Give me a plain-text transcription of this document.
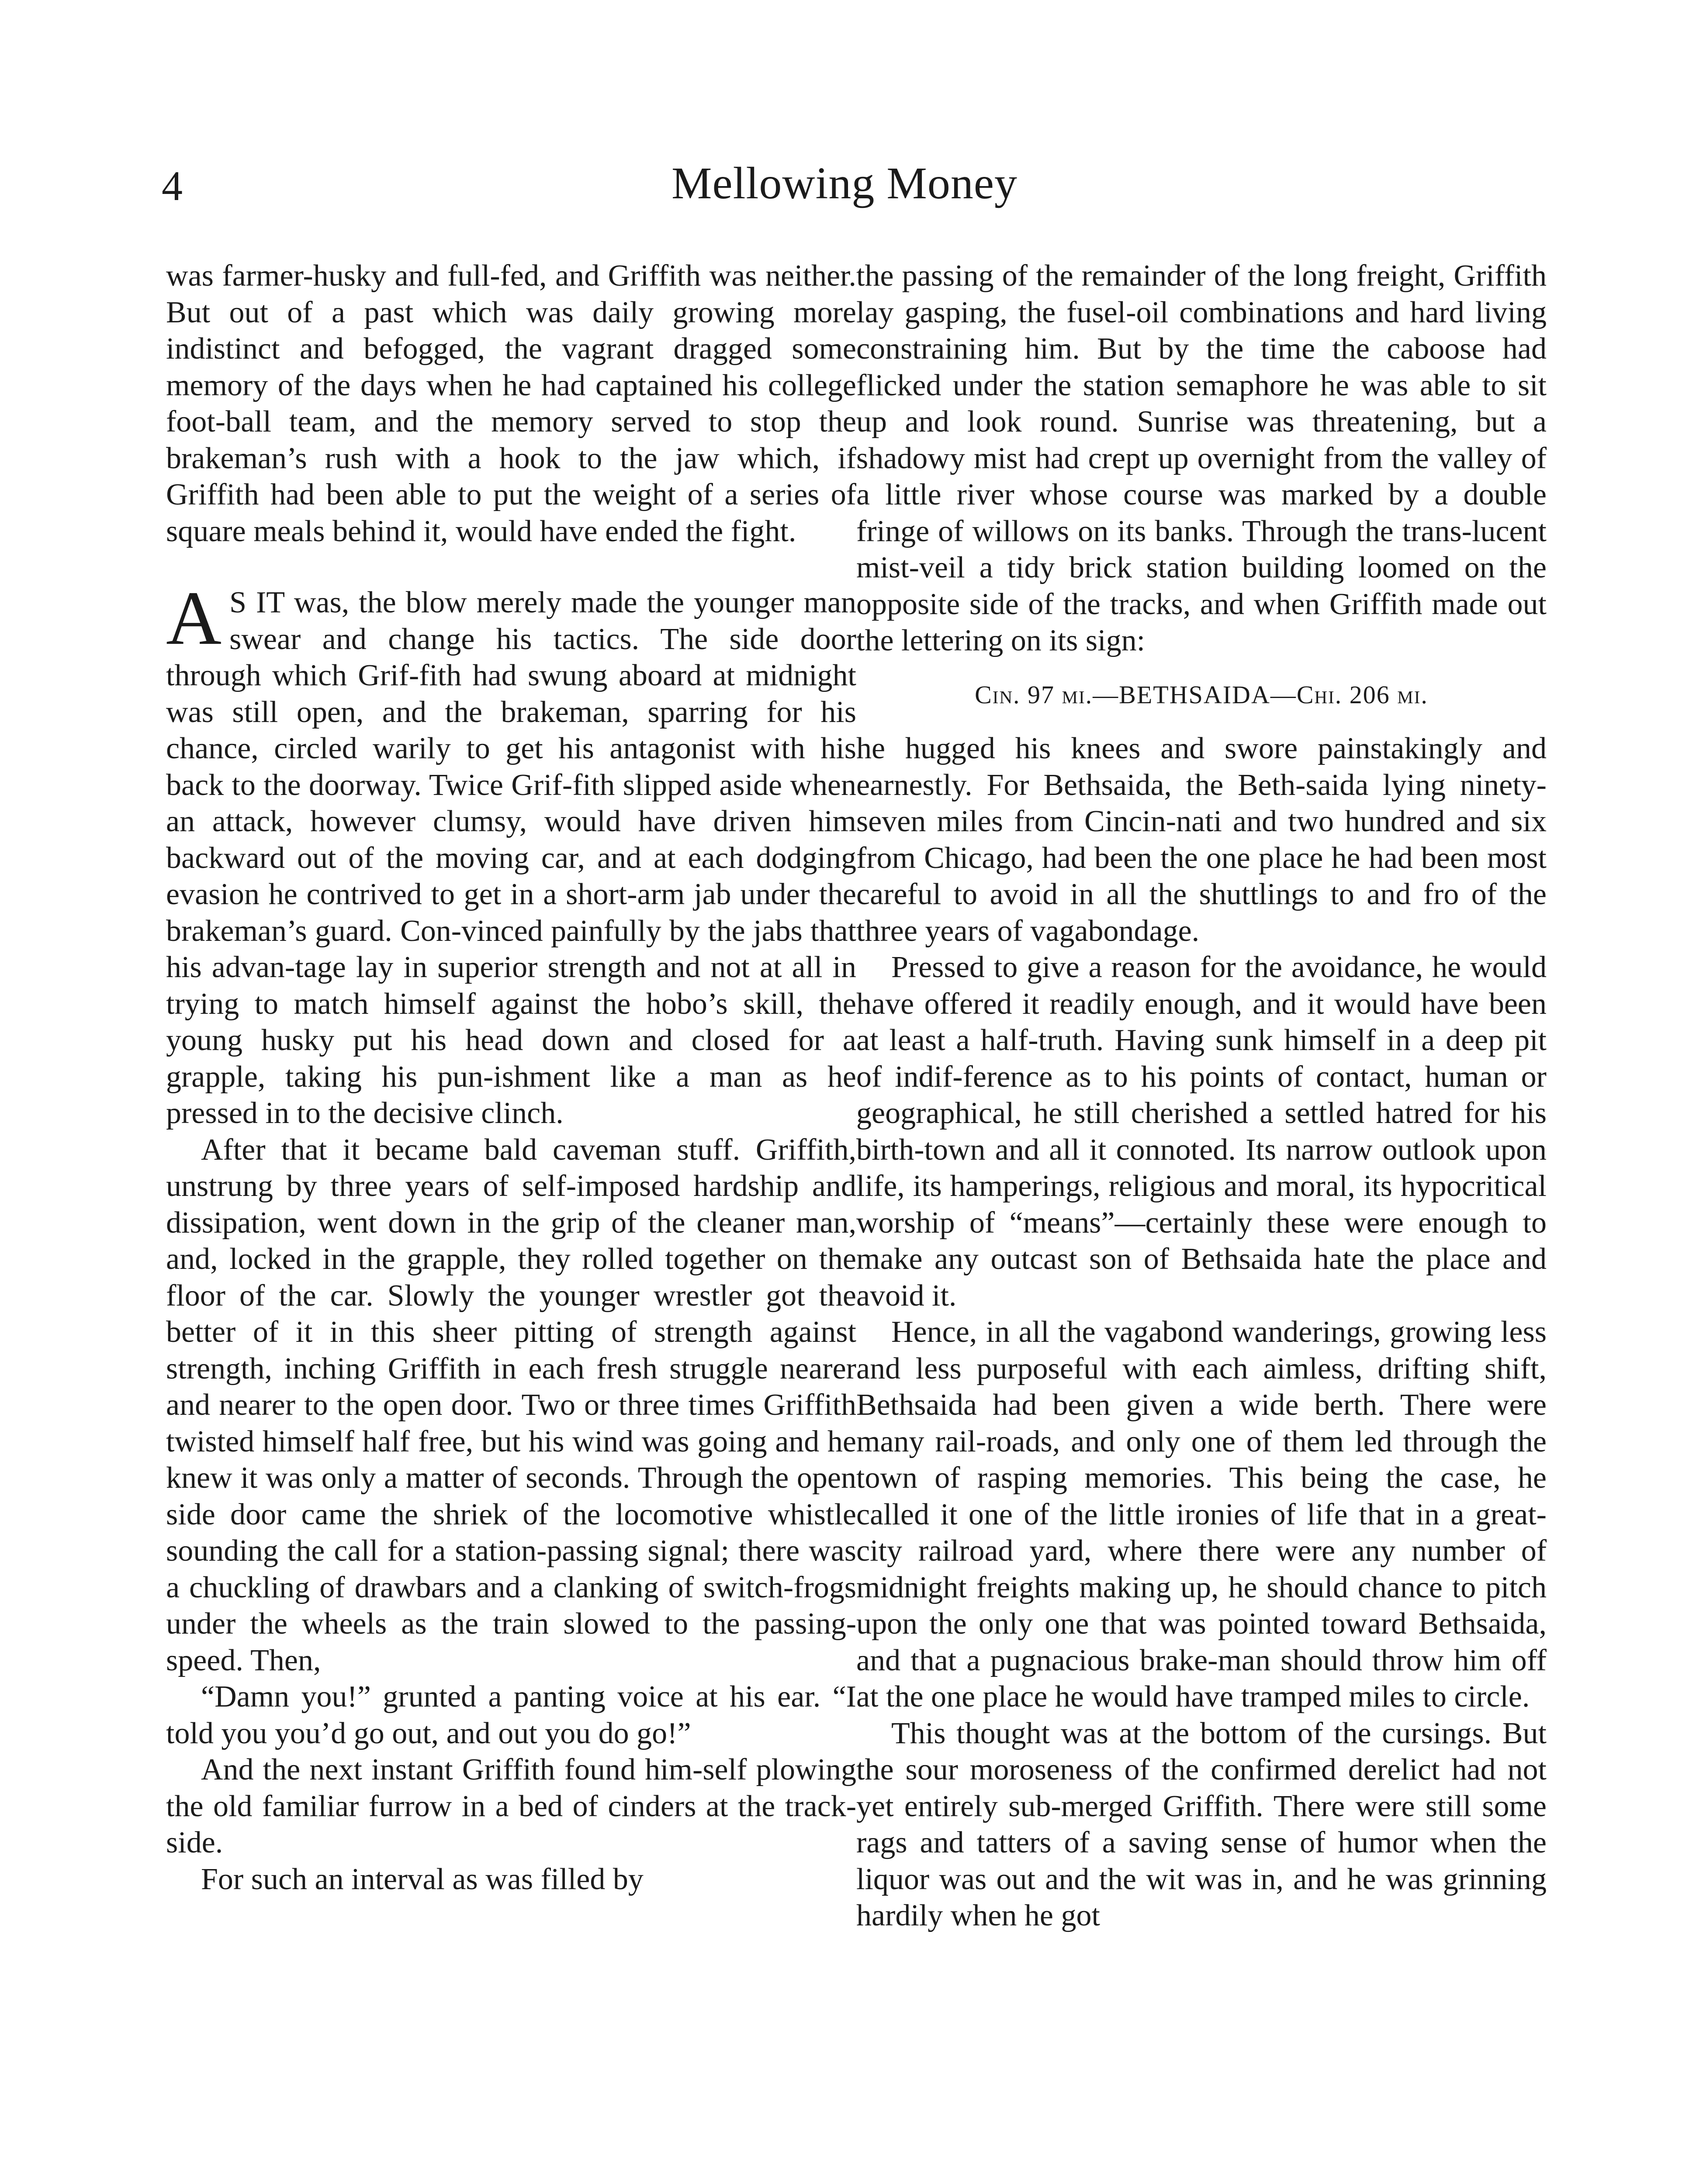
4	Mellowing Money

was farmer-husky and full-fed, and Griffith was neither. But out of a past which was daily growing more indistinct and befogged, the vagrant dragged some memory of the days when he had captained his college foot-ball team, and the memory served to stop the brakeman’s rush with a hook to the jaw which, if Griffith had been able to put the weight of a series of square meals behind it, would have ended the fight.

A S IT was, the blow merely made the younger man swear and change his tactics. The side door through which Grif-fith had swung aboard at midnight was still open, and the brakeman, sparring for his chance, circled warily to get his antagonist with his back to the doorway. Twice Grif-fith slipped aside when an attack, however clumsy, would have driven him backward out of the moving car, and at each dodging evasion he contrived to get in a short-arm jab under the brakeman’s guard. Con-vinced painfully by the jabs that his advan-tage lay in superior strength and not at all in trying to match himself against the hobo’s skill, the young husky put his head down and closed for a grapple, taking his pun-ishment like a man as he pressed in to the decisive clinch.

After that it became bald caveman stuff. Griffith, unstrung by three years of self-imposed hardship and dissipation, went down in the grip of the cleaner man, and, locked in the grapple, they rolled together on the floor of the car. Slowly the younger wrestler got the better of it in this sheer pitting of strength against strength, inching Griffith in each fresh struggle nearer and nearer to the open door. Two or three times Griffith twisted himself half free, but his wind was going and he knew it was only a matter of seconds. Through the open side door came the shriek of the locomotive whistle sounding the call for a station-passing signal; there was a chuckling of drawbars and a clanking of switch-frogs under the wheels as the train slowed to the passing-speed. Then,

“Damn you!” grunted a panting voice at his ear. “I told you you’d go out, and out you do go!”

And the next instant Griffith found him-self plowing the old familiar furrow in a bed of cinders at the track-side.

For such an interval as was filled by

the passing of the remainder of the long freight, Griffith lay gasping, the fusel-oil combinations and hard living constraining him. But by the time the caboose had flicked under the station semaphore he was able to sit up and look round. Sunrise was threatening, but a shadowy mist had crept up overnight from the valley of a little river whose course was marked by a double fringe of willows on its banks. Through the trans-lucent mist-veil a tidy brick station building loomed on the opposite side of the tracks, and when Griffith made out the lettering on its sign:

Cin. 97 mi.—BETHSAIDA—Chi. 206 mi.

he hugged his knees and swore painstakingly and earnestly. For Bethsaida, the Beth-saida lying ninety-seven miles from Cincin-nati and two hundred and six from Chicago, had been the one place he had been most careful to avoid in all the shuttlings to and fro of the three years of vagabondage.

Pressed to give a reason for the avoidance, he would have offered it readily enough, and it would have been at least a half-truth. Having sunk himself in a deep pit of indif-ference as to his points of contact, human or geographical, he still cherished a settled hatred for his birth-town and all it connoted. Its narrow outlook upon life, its hamperings, religious and moral, its hypocritical worship of “means”—certainly these were enough to make any outcast son of Bethsaida hate the place and avoid it.

Hence, in all the vagabond wanderings, growing less and less purposeful with each aimless, drifting shift, Bethsaida had been given a wide berth. There were many rail-roads, and only one of them led through the town of rasping memories. This being the case, he called it one of the little ironies of life that in a great-city railroad yard, where there were any number of midnight freights making up, he should chance to pitch upon the only one that was pointed toward Bethsaida, and that a pugnacious brake-man should throw him off at the one place he would have tramped miles to circle.

This thought was at the bottom of the cursings. But the sour moroseness of the confirmed derelict had not yet entirely sub-merged Griffith. There were still some rags and tatters of a saving sense of humor when the liquor was out and the wit was in, and he was grinning hardily when he got
